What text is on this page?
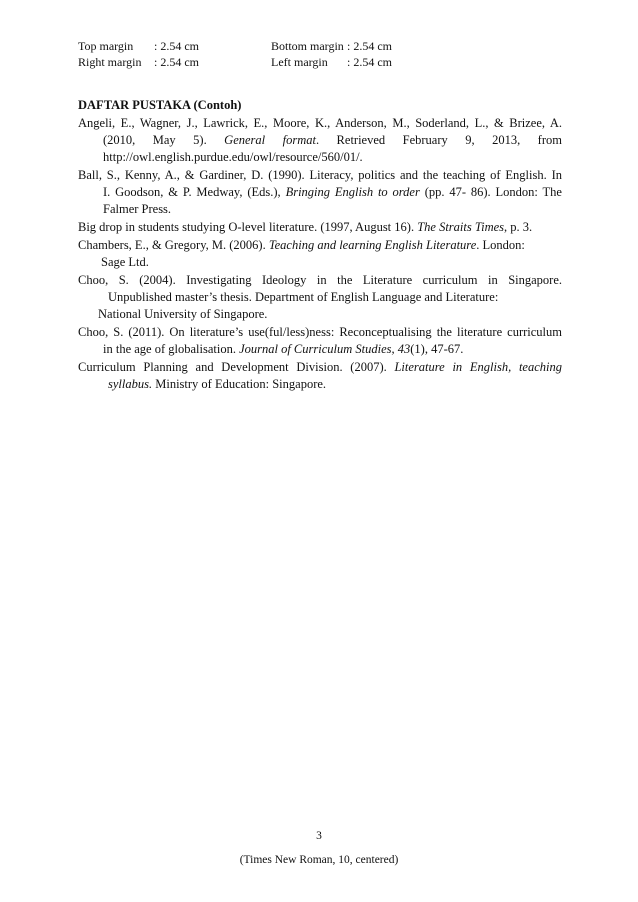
Top margin : 2.54 cm	Bottom margin : 2.54 cm
Right margin : 2.54 cm	Left margin : 2.54 cm
DAFTAR PUSTAKA (Contoh)
Angeli, E., Wagner, J., Lawrick, E., Moore, K., Anderson, M., Soderland, L., & Brizee, A.
(2010, May 5). General format. Retrieved February 9, 2013, from
http://owl.english.purdue.edu/owl/resource/560/01/.
Ball, S., Kenny, A., & Gardiner, D. (1990). Literacy, politics and the teaching of English. In
I. Goodson, & P. Medway, (Eds.), Bringing English to order (pp. 47- 86). London: The
Falmer Press.
Big drop in students studying O-level literature. (1997, August 16). The Straits Times, p. 3.
Chambers, E., & Gregory, M. (2006). Teaching and learning English Literature. London:
Sage Ltd.
Choo, S. (2004). Investigating Ideology in the Literature curriculum in Singapore.
Unpublished master’s thesis. Department of English Language and Literature:
National University of Singapore.
Choo, S. (2011). On literature’s use(ful/less)ness: Reconceptualising the literature curriculum
in the age of globalisation. Journal of Curriculum Studies, 43(1), 47-67.
Curriculum Planning and Development Division. (2007). Literature in English, teaching
syllabus. Ministry of Education: Singapore.
3
(Times New Roman, 10, centered)
